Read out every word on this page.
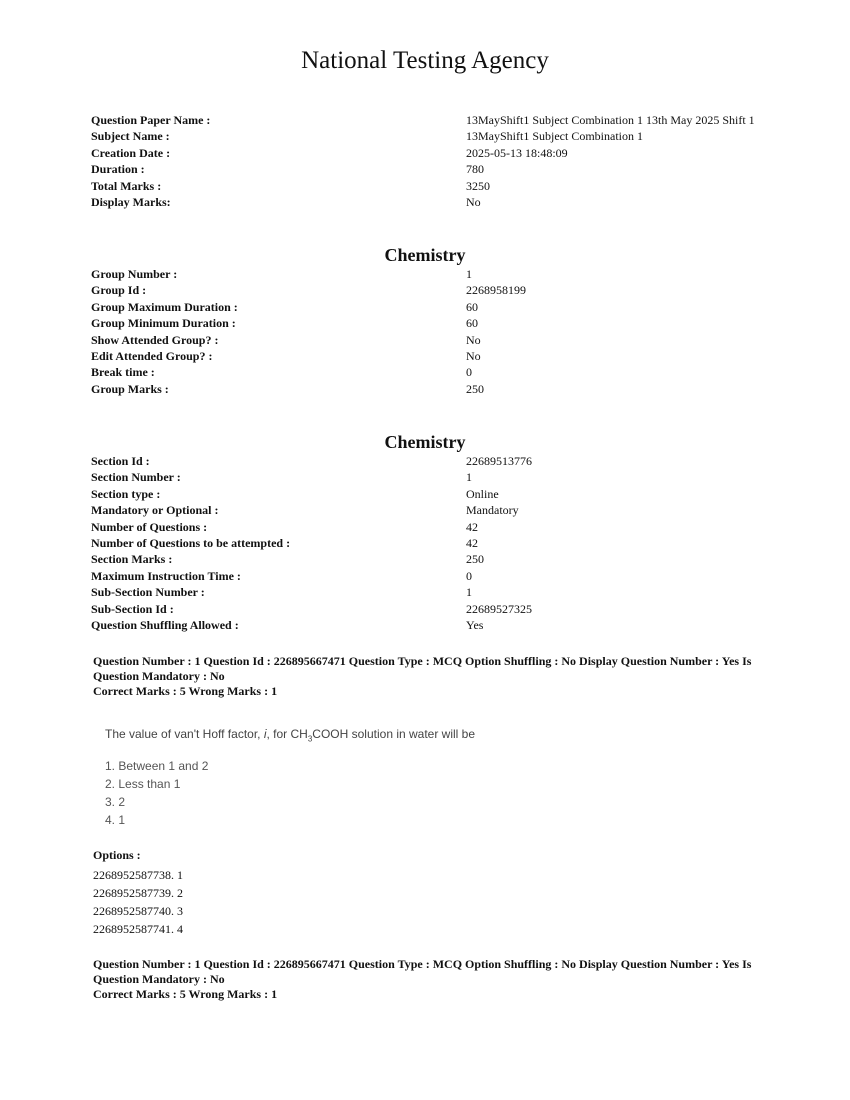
National Testing Agency
Question Paper Name :	13MayShift1 Subject Combination 1 13th May 2025 Shift 1
Subject Name :	13MayShift1 Subject Combination 1
Creation Date :	2025-05-13 18:48:09
Duration :	780
Total Marks :	3250
Display Marks:	No
Chemistry
Group Number :	1
Group Id :	2268958199
Group Maximum Duration :	60
Group Minimum Duration :	60
Show Attended Group? :	No
Edit Attended Group? :	No
Break time :	0
Group Marks :	250
Chemistry
Section Id :	22689513776
Section Number :	1
Section type :	Online
Mandatory or Optional :	Mandatory
Number of Questions :	42
Number of Questions to be attempted :	42
Section Marks :	250
Maximum Instruction Time :	0
Sub-Section Number :	1
Sub-Section Id :	22689527325
Question Shuffling Allowed :	Yes
Question Number : 1 Question Id : 226895667471 Question Type : MCQ Option Shuffling : No Display Question Number : Yes Is Question Mandatory : No
Correct Marks : 5 Wrong Marks : 1
The value of van't Hoff factor, i, for $CH_3COOH$ solution in water will be
1. Between 1 and 2
2. Less than 1
3. 2
4. 1
Options :
2268952587738. 1
2268952587739. 2
2268952587740. 3
2268952587741. 4
Question Number : 1 Question Id : 226895667471 Question Type : MCQ Option Shuffling : No Display Question Number : Yes Is Question Mandatory : No
Correct Marks : 5 Wrong Marks : 1
